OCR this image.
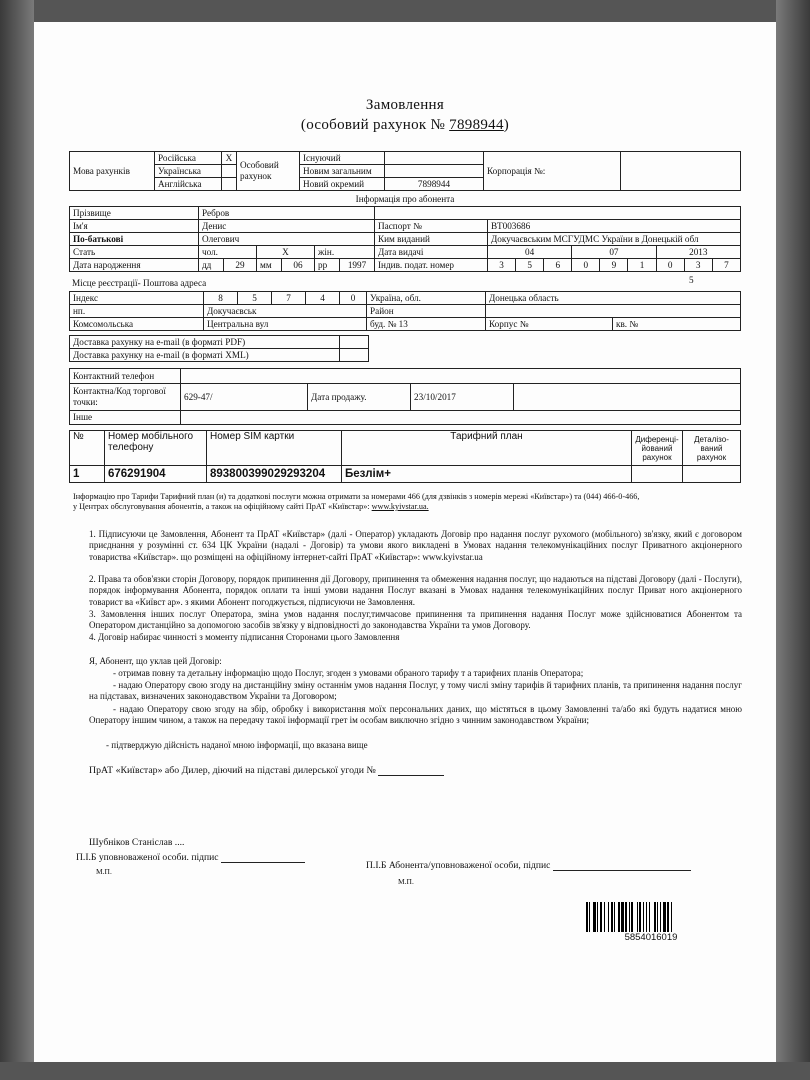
Замовлення
(особовий рахунок № 7898944)
Мова рахунків	Російська	X	Особовий рахунок	Існуючий		Корпорація №:	
	Українська			Новим загальним			
	Англійська			Новий окремий	7898944		
Інформація про абонента
Прізвище	Ребров															
Ім'я	Денис						Паспорт №	ВТ003686								
По-батькові	Олегович						Ким виданий	Докучаєвським МСГУДМС України в Донецькій обл								
Стать	чол.		X		жін.		Дата видачі	04			07			2013		
Дата народження	дд	29	мм	06	рр	1997	Індив. подат. номер	3	5	6	0	9	1	0	3	7
5
Місце реєстрації- Поштова адреса
Індекс	8	5	7	4	0	Україна, обл.	Донецька область	
нп.	Докучаєвськ					Район		
Комсомольська	Центральна вул					буд. № 13	Корпус №	кв. №
Доставка рахунку на e-mail (в форматі PDF)		
Доставка рахунку на e-mail (в форматі XML)		
Контактний телефон				
Контактна/Код торгової точки:	629-47/	Дата продажу.	23/10/2017	
Інше				
№	Номер мобільного телефону	Номер SIM картки	Тарифний план	Диференці-йований рахунок	Деталізо-ваний рахунок
1	676291904	893800399029293204	Безлім+		
Інформацію про Тарифи Тарифний план (и) та додаткові послуги можна отримати за номерами 466 (для дзвінків з номерів мережі «Київстар») та (044) 466-0-466,
у Центрах обслуговування абонентів, а також на офіційному сайті ПрАТ «Київстар»: www.kyivstar.ua.
1. Підписуючи це Замовлення, Абонент та ПрАТ «Київстар» (далі - Оператор) укладають Договір про надання послуг рухомого (мобільного) зв'язку, який є договором приєднання у розумінні ст. 634 ЦК України (надалі - Договір) та умови якого викладені в Умовах надання телекомунікаційних послуг Приватного акціонерного товариства «Київстар». що розміщені на офіційному інтернет-сайті ПрАТ «Київстар»: www.kyivstar.ua
2. Права та обов'язки сторін Договору, порядок припинення дії Договору, припинення та обмеження надання послуг, що надаються на підставі Договору (далі - Послуги), порядок інформування Абонента, порядок оплати та інші умови надання Послуг вказані в Умовах надання телекомунікаційних послуг Приват ного акціонерного товарист ва «Київст ар». з якими Абонент погоджується, підписуючи не Замовлення.
3. Замовлення інших послуг Оператора, зміна умов надання послуг,тимчасове припинення та припинення надання Послуг може здійснюватися Абонентом та Оператором дистанційно за допомогою засобів зв'язку у відповідності до законодавства України та умов Договору.
4. Договір набирає чинності з моменту підписання Сторонами цього Замовлення
Я, Абонент, що уклав цей Договір:
- отримав повну та детальну інформацію щодо Послуг, згоден з умовами обраного тарифу т а тарифних планів Оператора;
- надаю Оператору свою згоду на дистанційну зміну останнім умов надання Послуг, у тому числі зміну тарифів й тарифних планів, та припинення надання послуг на підставах, визначених законодавством України та Договором;
- надаю Оператору свою згоду на збір, обробку і використання моїх персональних даних, що містяться в цьому Замовленні та/або які будуть надатися мною Оператору іншим чином, а також на передачу такої інформації грет ім особам виключно згідно з чинним законодавством України;
- підтверджую дійсність наданої мною інформації, що вказана вище
ПрАТ «Київстар» або Дилер, діючий на підставі дилерської угоди №
Шубніков Станіслав ....
П.І.Б уповноваженої особи. підпис
М.П.
П.І.Б Абонента/уповноваженої особи, підпис
М.П.
5854016019
